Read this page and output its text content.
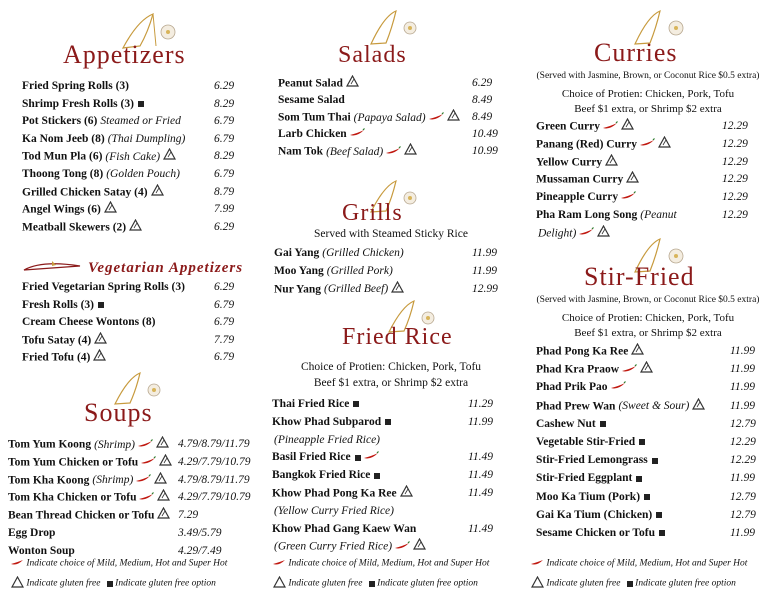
Appetizers
Fried Spring Rolls (3)	6.29
Shrimp Fresh Rolls (3)	8.29
Pot Stickers (6) Steamed or Fried	6.79
Ka Nom Jeeb (8) (Thai Dumpling) 6.79
Tod Mun Pla (6) (Fish Cake)	8.29
Thoong Tong (8) (Golden Pouch)	6.79
Grilled Chicken Satay (4)	8.79
Angel Wings (6)	7.99
Meatball Skewers (2)	6.29
Vegetarian Appetizers
Fried Vegetarian Spring Rolls (3)	6.29
Fresh Rolls (3)	6.79
Cream Cheese Wontons (8)	6.79
Tofu Satay (4)	7.79
Fried Tofu (4)	6.79
Soups
Tom Yum Koong (Shrimp)	4.79/8.79/11.79
Tom Yum Chicken or Tofu	4.29/7.79/10.79
Tom Kha Koong (Shrimp)	4.79/8.79/11.79
Tom Kha Chicken or Tofu	4.29/7.79/10.79
Bean Thread Chicken or Tofu	7.29
Egg Drop	3.49/5.79
Wonton Soup	4.29/7.49
Indicate choice of Mild, Medium, Hot and Super Hot
Indicate gluten free Indicate gluten free option
Salads
Peanut Salad	6.29
Sesame Salad	8.49
Som Tum Thai (Papaya Salad)	8.49
Larb Chicken	10.49
Nam Tok (Beef Salad)	10.99
Grills
Served with Steamed Sticky Rice
Gai Yang (Grilled Chicken)	11.99
Moo Yang (Grilled Pork)	11.99
Nur Yang (Grilled Beef)	12.99
Fried Rice
Choice of Protien: Chicken, Pork, Tofu
Beef $1 extra, or Shrimp $2 extra
Thai Fried Rice	11.29
Khow Phad Subparod	11.99
(Pineapple Fried Rice)
Basil Fried Rice	11.49
Bangkok Fried Rice	11.49
Khow Phad Pong Ka Ree	11.49
(Yellow Curry Fried Rice)
Khow Phad Gang Kaew Wan	11.49
(Green Curry Fried Rice)
Indicate choice of Mild, Medium, Hot and Super Hot
Indicate gluten free Indicate gluten free option
Curries
(Served with Jasmine, Brown, or Coconut Rice $0.5 extra)
Choice of Protien: Chicken, Pork, Tofu
Beef $1 extra, or Shrimp $2 extra
Green Curry	12.29
Panang (Red) Curry	12.29
Yellow Curry	12.29
Mussaman Curry	12.29
Pineapple Curry	12.29
Pha Ram Long Song (Peanut	12.29
Delight)
Stir-Fried
(Served with Jasmine, Brown, or Coconut Rice $0.5 extra)
Choice of Protien: Chicken, Pork, Tofu
Beef $1 extra, or Shrimp $2 extra
Phad Pong Ka Ree	11.99
Phad Kra Praow	11.99
Phad Prik Pao	11.99
Phad Prew Wan (Sweet & Sour)	11.99
Cashew Nut	12.79
Vegetable Stir-Fried	12.29
Stir-Fried Lemongrass	12.29
Stir-Fried Eggplant	11.99
Moo Ka Tium (Pork)	12.79
Gai Ka Tium (Chicken)	12.79
Sesame Chicken or Tofu	11.99
Indicate choice of Mild, Medium, Hot and Super Hot
Indicate gluten free Indicate gluten free option
